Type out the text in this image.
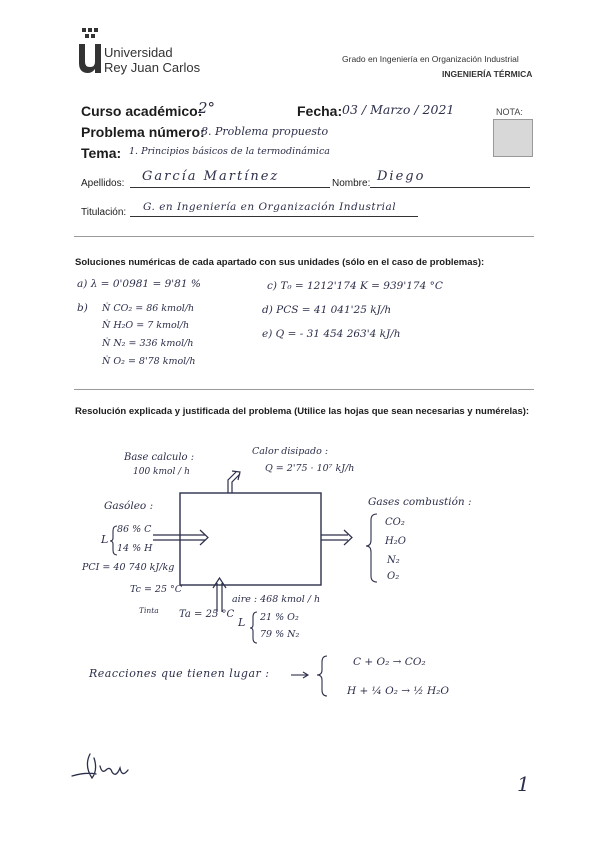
Universidad
Rey Juan Carlos
Grado en Ingeniería en Organización Industrial
INGENIERÍA TÉRMICA
Curso académico:
2°	Fecha: 03 / Marzo / 2021	NOTA:
Problema número:
8. Problema propuesto
Tema: 1. Principios básicos de la termodinámica
Apellidos: García Martínez	Nombre: Diego
Titulación: G. en Ingeniería en Organización Industrial
Soluciones numéricas de cada apartado con sus unidades (sólo en el caso de problemas):
a) λ = 0'0981 = 9'81 %
b) Ṅ CO₂ = 86 kmol/h
Ṅ H₂O = 7 kmol/h
Ṅ N₂ = 336 kmol/h
Ṅ O₂ = 8'78 kmol/h
c) T₀ = 1212'174 K = 939'174 °C
d) PCS = 41 041'25 kJ/h
e) Q = - 31 454 263'4 kJ/h
Resolución explicada y justificada del problema (Utilice las hojas que sean necesarias y numérelas):
Base calculo :
100 kmol / h
Calor disipado :
Q = 2'75 · 10⁷ kJ/h
Gasóleo :
L
86 % C
14 % H
PCI = 40 740 kJ/kg
Tc = 25 °C
Gases combustión :
CO₂
H₂O
N₂
O₂
aire : 468 kmol / h
Tinta Ta = 25 °C
L 21 % O₂
79 % N₂
Reacciones que tienen lugar :
C + O₂ → CO₂
H + ¼ O₂ → ½ H₂O
1
